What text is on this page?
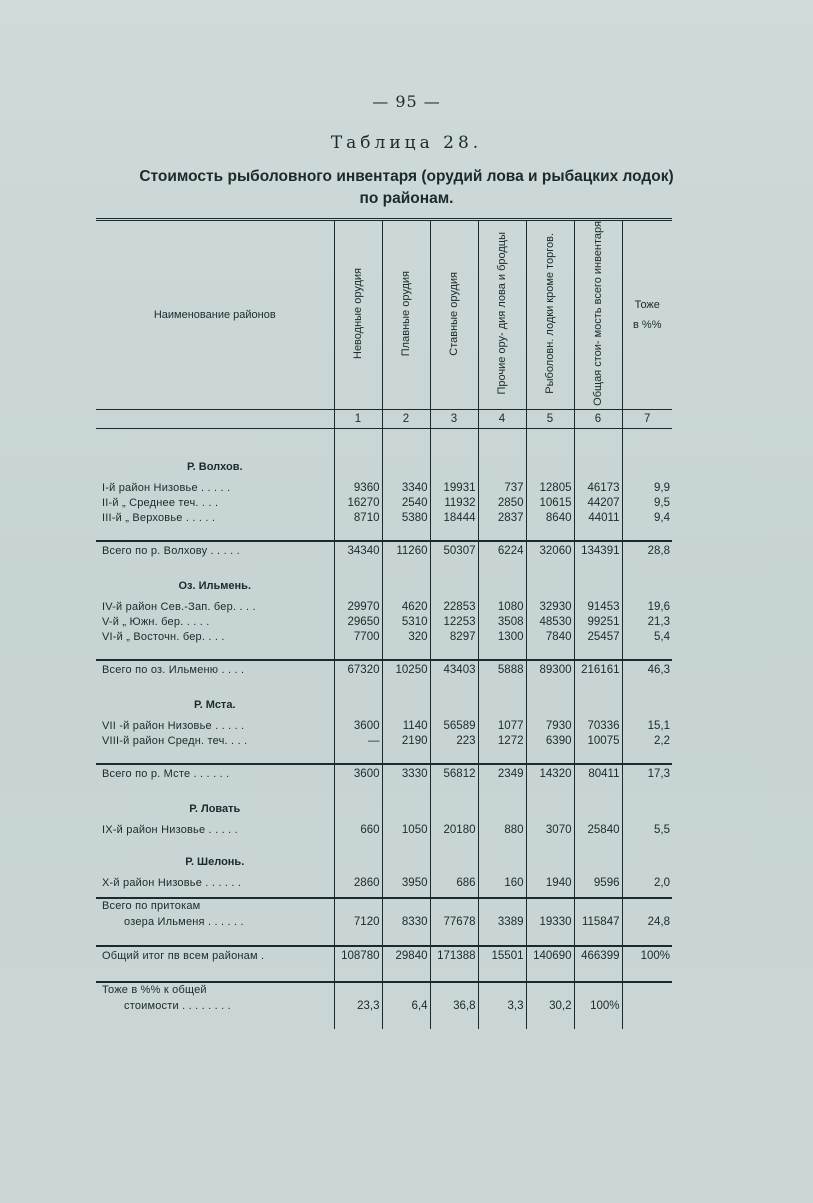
— 95 —
Таблица 28.
Стоимость рыболовного инвентаря (орудий лова и рыбацких лодок)
по районам.
Наименование районов	Неводные орудия	Плавные орудия	Ставные орудия	Прочие ору- дия лова и бродцы	Рыболовн. лодки кроме торгов.	Общая стои- мость всего инвентаря	Тоже
в %%

	1	2	3	4	5	6	7

Р. Волхов.							

I-й район Низовье . . . . .	9360	3340	19931	737	12805	46173	9,9
II-й „ Среднее теч. . . .	16270	2540	11932	2850	10615	44207	9,5
III-й „ Верховье . . . . .	8710	5380	18444	2837	8640	44011	9,4

Всего по р. Волхову . . . . .	34340	11260	50307	6224	32060	134391	28,8
Оз. Ильмень.							

IV-й район Сев.-Зап. бер. . . .	29970	4620	22853	1080	32930	91453	19,6
V-й „ Южн. бер. . . . .	29650	5310	12253	3508	48530	99251	21,3
VI-й „ Восточн. бер. . . .	7700	320	8297	1300	7840	25457	5,4

Всего по оз. Ильменю . . . .	67320	10250	43403	5888	89300	216161	46,3
Р. Мста.							

VII -й район Низовье . . . . .	3600	1140	56589	1077	7930	70336	15,1
VIII-й район Средн. теч. . . .	—	2190	223	1272	6390	10075	2,2

Всего по р. Мсте . . . . . .	3600	3330	56812	2349	14320	80411	17,3
Р. Ловать							

IX-й район Низовье . . . . .	660	1050	20180	880	3070	25840	5,5
Р. Шелонь.							

X-й район Низовье . . . . . .	2860	3950	686	160	1940	9596	2,0

Всего по притокам							
озера Ильменя . . . . . .	7120	8330	77678	3389	19330	115847	24,8

Общий итог пв всем районам .	108780	29840	171388	15501	140690	466399	100%

Тоже в %% к общей							
стоимости . . . . . . . .	23,3	6,4	36,8	3,3	30,2	100%	
